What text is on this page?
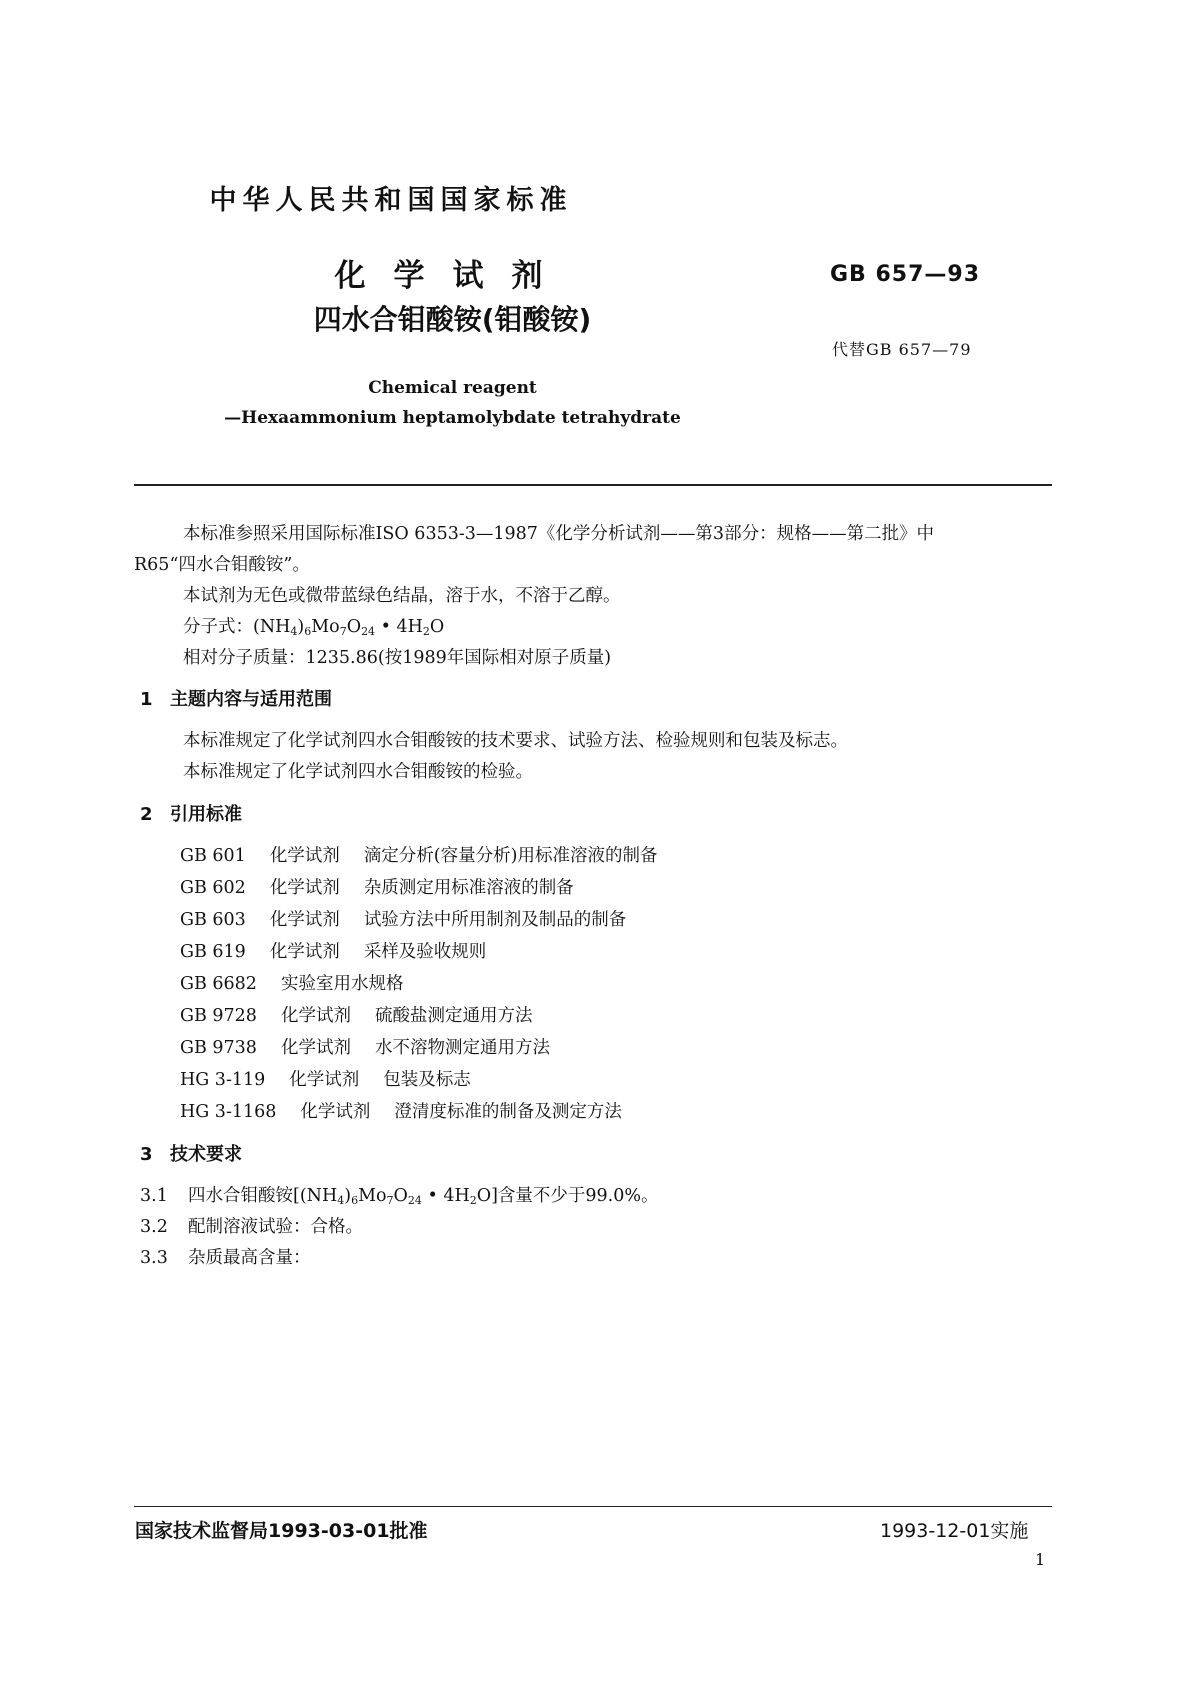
中华人民共和国国家标准
化学试剂
四水合钼酸铵(钼酸铵)
GB 657—93
代替GB 657—79
Chemical reagent
—Hexaammonium heptamolybdate tetrahydrate
本标准参照采用国际标准ISO 6353-3—1987《化学分析试剂——第3部分：规格——第二批》中
R65“四水合钼酸铵”。
本试剂为无色或微带蓝绿色结晶，溶于水，不溶于乙醇。
分子式：$(NH_4)_6Mo_7O_{24}$ • $4H_2O$
相对分子质量：1235.86(按1989年国际相对原子质量)
1 主题内容与适用范围
本标准规定了化学试剂四水合钼酸铵的技术要求、试验方法、检验规则和包装及标志。
本标准规定了化学试剂四水合钼酸铵的检验。
2 引用标准
GB 601 化学试剂 滴定分析(容量分析)用标准溶液的制备
GB 602 化学试剂 杂质测定用标准溶液的制备
GB 603 化学试剂 试验方法中所用制剂及制品的制备
GB 619 化学试剂 采样及验收规则
GB 6682 实验室用水规格
GB 9728 化学试剂 硫酸盐测定通用方法
GB 9738 化学试剂 水不溶物测定通用方法
HG 3-119 化学试剂 包装及标志
HG 3-1168 化学试剂 澄清度标准的制备及测定方法
3 技术要求
3.1 四水合钼酸铵[$(NH_4)_6Mo_7O_{24}$ • $4H_2O$]含量不少于99.0%。
3.2 配制溶液试验：合格。
3.3 杂质最高含量：
国家技术监督局1993-03-01批准	1993-12-01实施
1
